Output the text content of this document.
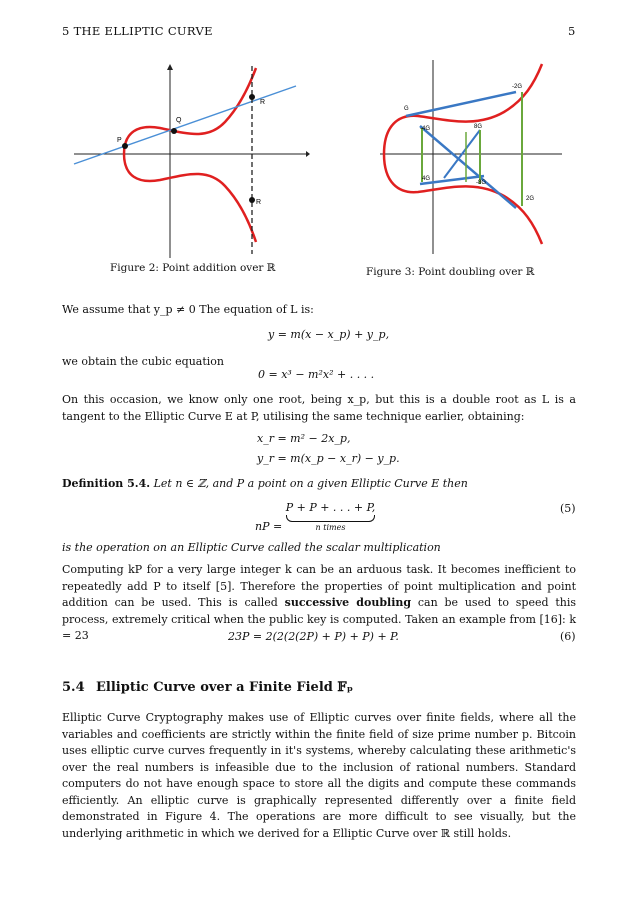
5 THE ELLIPTIC CURVE	5
P
Q
R
R
Figure 2: Point addition over ℝ
G
-2G
-4G	8G
4G
-8G
2G
TANGENT
Figure 3: Point doubling over ℝ
We assume that y_p ≠ 0 The equation of L is:
y = m(x − x_p) + y_p,
we obtain the cubic equation
0 = x³ − m²x² + . . . .
On this occasion, we know only one root, being x_p, but this is a double root as L is a tangent to the Elliptic Curve E at P, utilising the same technique earlier, obtaining:
x_r = m² − 2x_p,
y_r = m(x_p − x_r) − y_p.
Definition 5.4. Let n ∈ ℤ, and P a point on a given Elliptic Curve E then
nP = P + P + . . . + P,
n times
(5)
is the operation on an Elliptic Curve called the scalar multiplication
Computing kP for a very large integer k can be an arduous task. It becomes inefficient to repeatedly add P to itself [5]. Therefore the properties of point multiplication and point addition can be used. This is called successive doubling can be used to speed this process, extremely critical when the public key is computed. Taken an example from [16]: k = 23	23P = 2(2(2(2P) + P) + P) + P.	(6)
5.4 Elliptic Curve over a Finite Field 𝔽ₚ
Elliptic Curve Cryptography makes use of Elliptic curves over finite fields, where all the variables and coefficients are strictly within the finite field of size prime number p. Bitcoin uses elliptic curve curves frequently in it's systems, whereby calculating these arithmetic's over the real numbers is infeasible due to the inclusion of rational numbers. Standard computers do not have enough space to store all the digits and compute these commands efficiently. An elliptic curve is graphically represented differently over a finite field demonstrated in Figure 4. The operations are more difficult to see visually, but the underlying arithmetic in which we derived for a Elliptic Curve over ℝ still holds.
